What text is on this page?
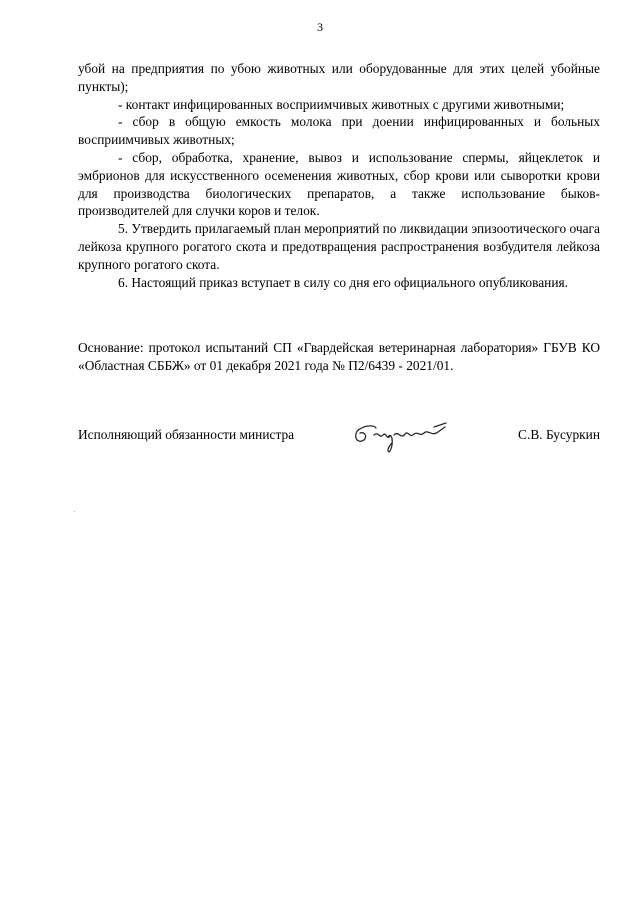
3

убой на предприятия по убою животных или оборудованные для этих целей убойные пункты);

- контакт инфицированных восприимчивых животных с другими животными;

- сбор в общую емкость молока при доении инфицированных и больных восприимчивых животных;

- сбор, обработка, хранение, вывоз и использование спермы, яйцеклеток и эмбрионов для искусственного осеменения животных, сбор крови или сыворотки крови для производства биологических препаратов, а также использование быков-производителей для случки коров и телок.

5. Утвердить прилагаемый план мероприятий по ликвидации эпизоотического очага лейкоза крупного рогатого скота и предотвращения распространения возбудителя лейкоза крупного рогатого скота.

6. Настоящий приказ вступает в силу со дня его официального опубликования.

Основание: протокол испытаний СП «Гвардейская ветеринарная лаборатория» ГБУВ КО «Областная СББЖ» от 01 декабря 2021 года № П2/6439 - 2021/01.
Исполняющий обязанности министра	С.В. Бусуркин
